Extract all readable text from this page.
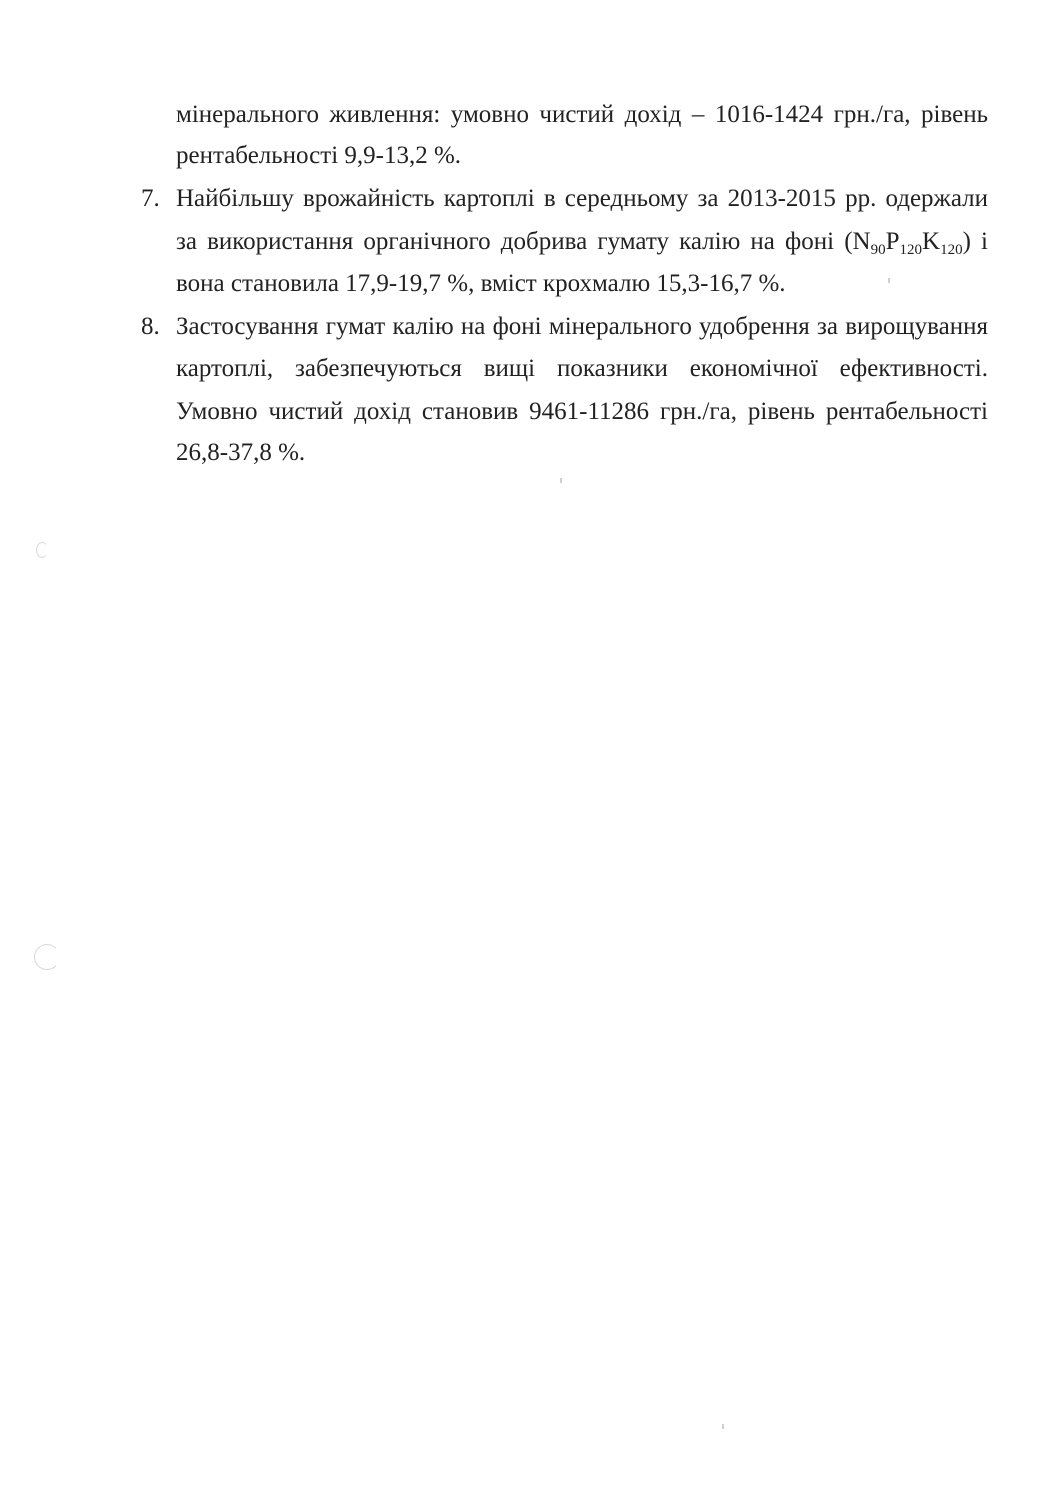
мінерального живлення: умовно чистий дохід – 1016-1424 грн./га, рівень
рентабельності 9,9-13,2 %.
7. Найбільшу врожайність картоплі в середньому за 2013-2015 рр. одержали
за використання органічного добрива гумату калію на фоні $(N_{90}P_{120}K_{120})$ і
вона становила 17,9-19,7 %, вміст крохмалю 15,3-16,7 %.
8. Застосування гумат калію на фоні мінерального удобрення за вирощування
картоплі, забезпечуються вищі показники економічної ефективності.
Умовно чистий дохід становив 9461-11286 грн./га, рівень рентабельності
26,8-37,8 %.
